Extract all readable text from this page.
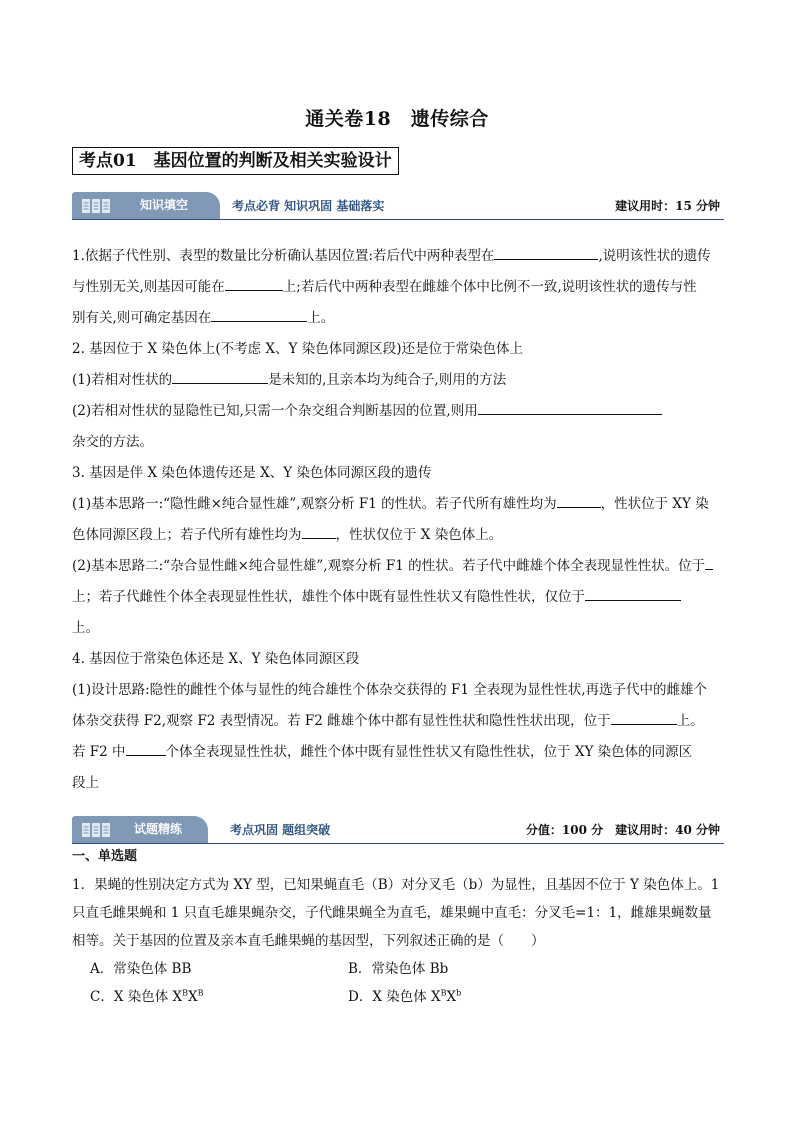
通关卷18　遗传综合
考点01　基因位置的判断及相关实验设计
知识填空	考点必背 知识巩固 基础落实	建议用时：15 分钟

1.依据子代性别、表型的数量比分析确认基因位置:若后代中两种表型在	,说明该性状的遗传

与性别无关,则基因可能在	上;若后代中两种表型在雌雄个体中比例不一致,说明该性状的遗传与性

别有关,则可确定基因在	上。

2. 基因位于 X 染色体上(不考虑 X、Y 染色体同源区段)还是位于常染色体上

(1)若相对性状的	是未知的,且亲本均为纯合子,则用的方法

(2)若相对性状的显隐性已知,只需一个杂交组合判断基因的位置,则用

杂交的方法。

3. 基因是伴 X 染色体遗传还是 X、Y 染色体同源区段的遗传

(1)基本思路一:“隐性雌×纯合显性雄”,观察分析 F1 的性状。若子代所有雄性均为	，性状位于 XY 染

色体同源区段上；若子代所有雄性均为	，性状仅位于 X 染色体上。

(2)基本思路二:“杂合显性雌×纯合显性雄”,观察分析 F1 的性状。若子代中雌雄个体全表现显性性状。位于

上；若子代雌性个体全表现显性性状，雄性个体中既有显性性状又有隐性性状，仅位于

上。

4. 基因位于常染色体还是 X、Y 染色体同源区段

(1)设计思路:隐性的雌性个体与显性的纯合雄性个体杂交获得的 F1 全表现为显性性状,再选子代中的雌雄个

体杂交获得 F2,观察 F2 表型情况。若 F2 雌雄个体中都有显性性状和隐性性状出现，位于	上。

若 F2 中	个体全表现显性性状，雌性个体中既有显性性状又有隐性性状，位于 XY 染色体的同源区

段上

试题精练	考点巩固 题组突破	分值：100 分　建议用时：40 分钟

一、单选题

1．果蝇的性别决定方式为 XY 型，已知果蝇直毛（B）对分叉毛（b）为显性，且基因不位于 Y 染色体上。1

只直毛雌果蝇和 1 只直毛雄果蝇杂交，子代雌果蝇全为直毛，雄果蝇中直毛：分叉毛=1：1，雌雄果蝇数量

相等。关于基因的位置及亲本直毛雌果蝇的基因型，下列叙述正确的是（　　）

A．常染色体 BB	B．常染色体 Bb
C．X 染色体 $X^BX^B$	D．X 染色体 $X^BX^b$
